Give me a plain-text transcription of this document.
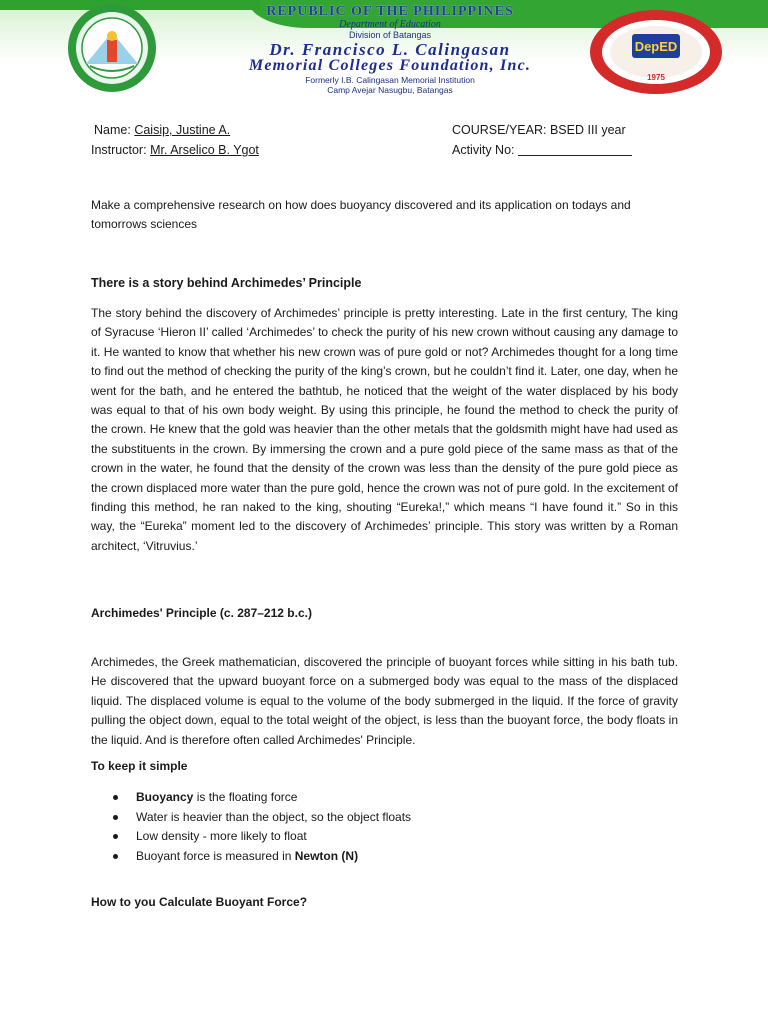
REPUBLIC OF THE PHILIPPINES
Department of Education
Division of Batangas
Dr. Francisco L. Calingasan
Memorial Colleges Foundation, Inc.
Formerly I.B. Calingasan Memorial Institution
Camp Avejar Nasugbu, Batangas
DepED
1975
Name: Caisip, Justine A.
Instructor: Mr. Arselico B. Ygot
COURSE/YEAR: BSED III year
Activity No:

Make a comprehensive research on how does buoyancy discovered and its application on todays and tomorrows sciences

There is a story behind Archimedes’ Principle

The story behind the discovery of Archimedes’ principle is pretty interesting. Late in the first century, The king of Syracuse ‘Hieron II’ called ‘Archimedes’ to check the purity of his new crown without causing any damage to it. He wanted to know that whether his new crown was of pure gold or not? Archimedes thought for a long time to find out the method of checking the purity of the king’s crown, but he couldn’t find it. Later, one day, when he went for the bath, and he entered the bathtub, he noticed that the weight of the water displaced by his body was equal to that of his own body weight. By using this principle, he found the method to check the purity of the crown. He knew that the gold was heavier than the other metals that the goldsmith might have had used as the substituents in the crown. By immersing the crown and a pure gold piece of the same mass as that of the crown in the water, he found that the density of the crown was less than the density of the pure gold piece as the crown displaced more water than the pure gold, hence the crown was not of pure gold. In the excitement of finding this method, he ran naked to the king, shouting “Eureka!,” which means “I have found it.” So in this way, the “Eureka” moment led to the discovery of Archimedes’ principle. This story was written by a Roman architect, ‘Vitruvius.’

Archimedes' Principle (c. 287–212 b.c.)

Archimedes, the Greek mathematician, discovered the principle of buoyant forces while sitting in his bath tub. He discovered that the upward buoyant force on a submerged body was equal to the mass of the displaced liquid. The displaced volume is equal to the volume of the body submerged in the liquid. If the force of gravity pulling the object down, equal to the total weight of the object, is less than the buoyant force, the body floats in the liquid. And is therefore often called Archimedes' Principle.

To keep it simple
Buoyancy is the floating force
Water is heavier than the object, so the object floats
Low density - more likely to float
Buoyant force is measured in Newton (N)
How to you Calculate Buoyant Force?
